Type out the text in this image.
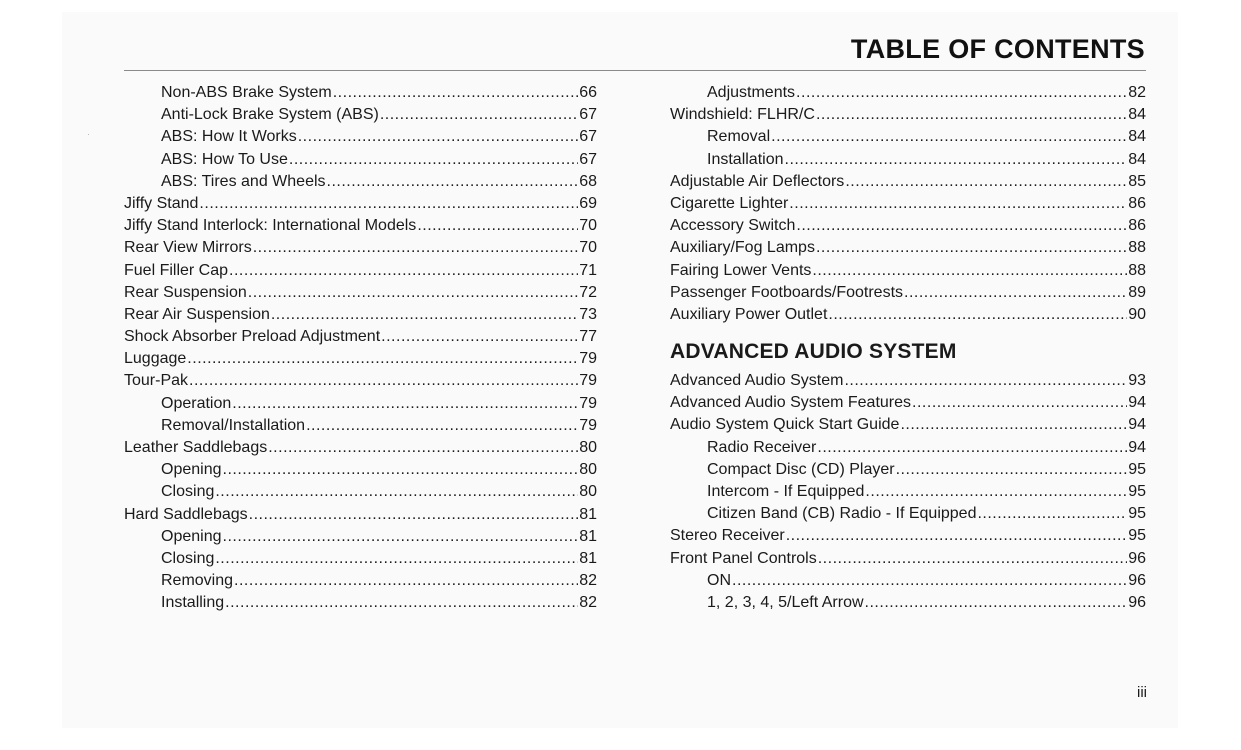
TABLE OF CONTENTS
Non-ABS Brake System .....	66
Anti-Lock Brake System (ABS) .....	67
ABS: How It Works .....	67
ABS: How To Use .....	67
ABS: Tires and Wheels .....	68
Jiffy Stand .....	69
Jiffy Stand Interlock: International Models .....	70
Rear View Mirrors .....	70
Fuel Filler Cap .....	71
Rear Suspension .....	72
Rear Air Suspension .....	73
Shock Absorber Preload Adjustment .....	77
Luggage .....	79
Tour-Pak .....	79
Operation .....	79
Removal/Installation .....	79
Leather Saddlebags .....	80
Opening .....	80
Closing .....	80
Hard Saddlebags .....	81
Opening .....	81
Closing .....	81
Removing .....	82
Installing .....	82
Adjustments .....	82
Windshield: FLHR/C .....	84
Removal .....	84
Installation .....	84
Adjustable Air Deflectors .....	85
Cigarette Lighter .....	86
Accessory Switch .....	86
Auxiliary/Fog Lamps .....	88
Fairing Lower Vents .....	88
Passenger Footboards/Footrests .....	89
Auxiliary Power Outlet .....	90
ADVANCED AUDIO SYSTEM
Advanced Audio System .....	93
Advanced Audio System Features .....	94
Audio System Quick Start Guide .....	94
Radio Receiver .....	94
Compact Disc (CD) Player .....	95
Intercom - If Equipped .....	95
Citizen Band (CB) Radio - If Equipped .....	95
Stereo Receiver .....	95
Front Panel Controls .....	96
ON .....	96
1, 2, 3, 4, 5/Left Arrow .....	96
iii
